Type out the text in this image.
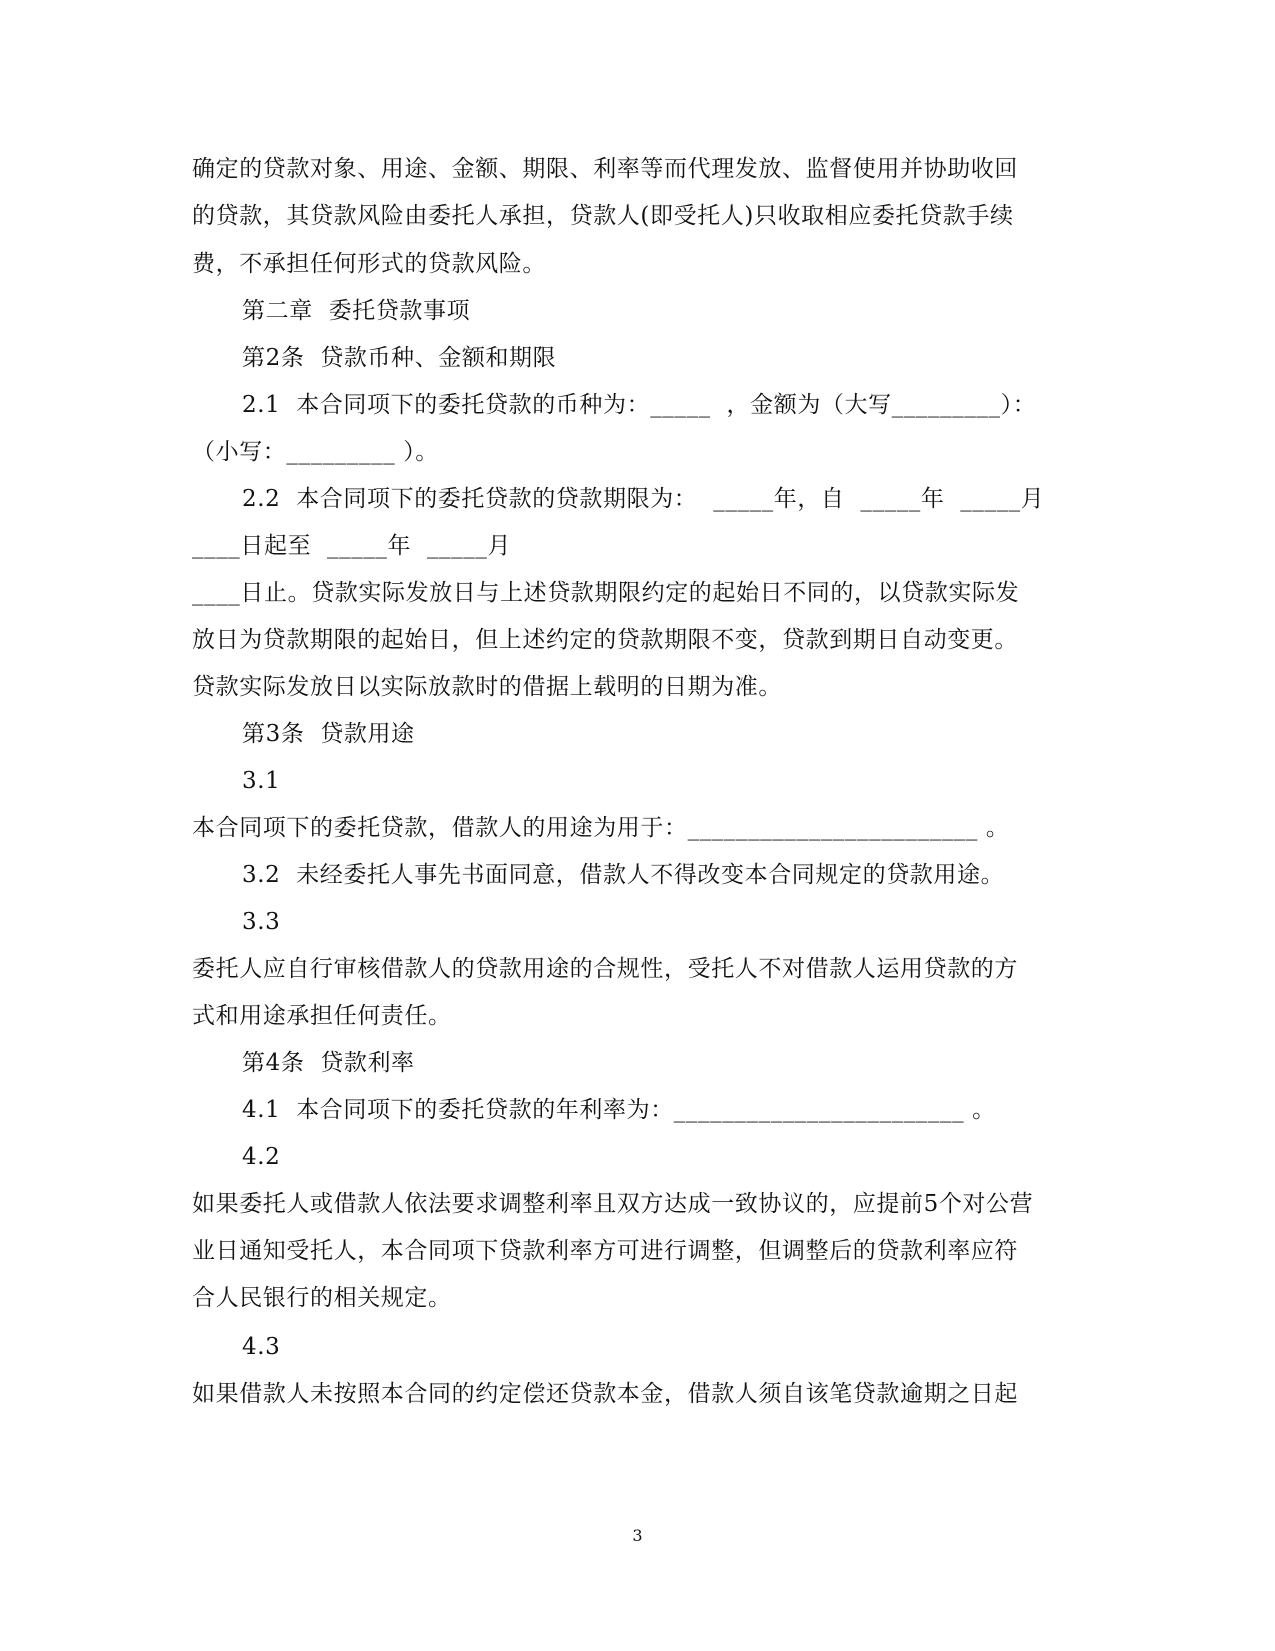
确定的贷款对象、用途、金额、期限、利率等而代理发放、监督使用并协助收回
的贷款，其贷款风险由委托人承担，贷款人(即受托人)只收取相应委托贷款手续
费，不承担任何形式的贷款风险。
第二章  委托贷款事项
第2条  贷款币种、金额和期限
2.1  本合同项下的委托贷款的币种为：_____  ，金额为（大写_________）：
（小写：_________ ）。
2.2  本合同项下的委托贷款的贷款期限为：  _____年，自  _____年  _____月
____日起至  _____年  _____月
____日止。贷款实际发放日与上述贷款期限约定的起始日不同的，以贷款实际发
放日为贷款期限的起始日，但上述约定的贷款期限不变，贷款到期日自动变更。
贷款实际发放日以实际放款时的借据上载明的日期为准。
第3条  贷款用途
3.1
本合同项下的委托贷款，借款人的用途为用于：________________________ 。
3.2  未经委托人事先书面同意，借款人不得改变本合同规定的贷款用途。
3.3
委托人应自行审核借款人的贷款用途的合规性，受托人不对借款人运用贷款的方
式和用途承担任何责任。
第4条  贷款利率
4.1  本合同项下的委托贷款的年利率为：________________________ 。
4.2
如果委托人或借款人依法要求调整利率且双方达成一致协议的，应提前5个对公营
业日通知受托人，本合同项下贷款利率方可进行调整，但调整后的贷款利率应符
合人民银行的相关规定。
4.3
如果借款人未按照本合同的约定偿还贷款本金，借款人须自该笔贷款逾期之日起
3
